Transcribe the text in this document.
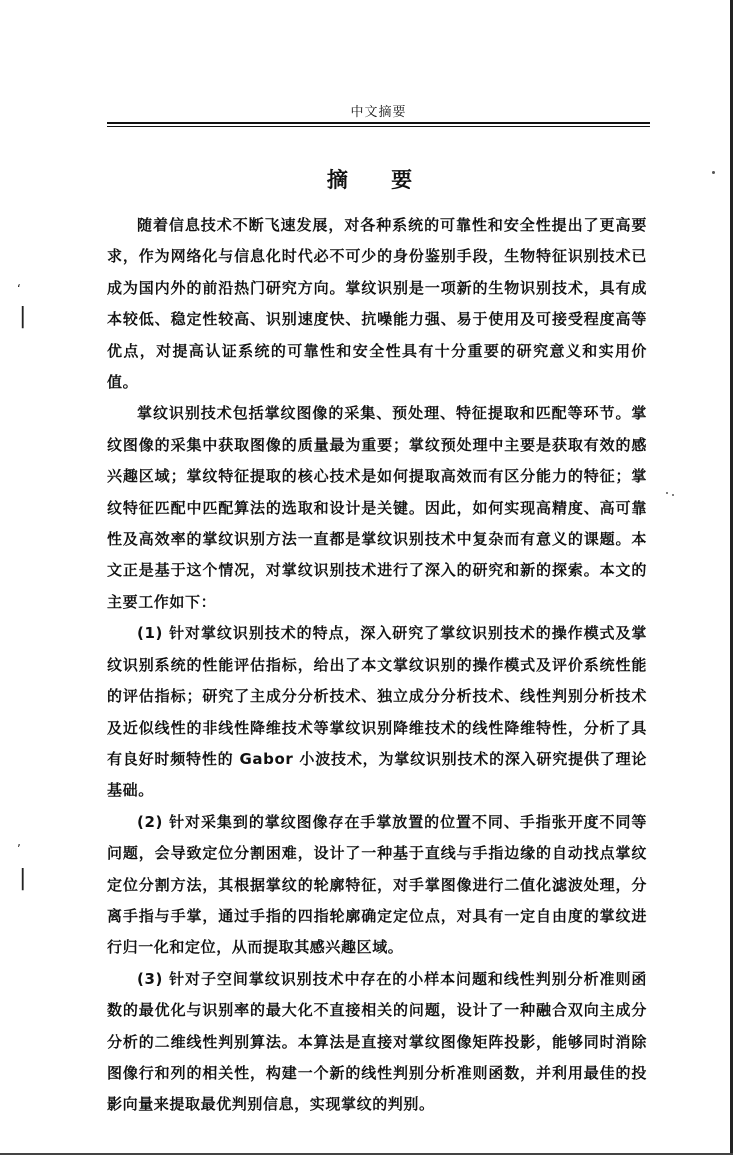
中文摘要
摘 要

随着信息技术不断飞速发展，对各种系统的可靠性和安全性提出了更高要求，作为网络化与信息化时代必不可少的身份鉴别手段，生物特征识别技术已成为国内外的前沿热门研究方向。掌纹识别是一项新的生物识别技术，具有成本较低、稳定性较高、识别速度快、抗噪能力强、易于使用及可接受程度高等优点，对提高认证系统的可靠性和安全性具有十分重要的研究意义和实用价值。

掌纹识别技术包括掌纹图像的采集、预处理、特征提取和匹配等环节。掌纹图像的采集中获取图像的质量最为重要；掌纹预处理中主要是获取有效的感兴趣区域；掌纹特征提取的核心技术是如何提取高效而有区分能力的特征；掌纹特征匹配中匹配算法的选取和设计是关键。因此，如何实现高精度、高可靠性及高效率的掌纹识别方法一直都是掌纹识别技术中复杂而有意义的课题。本文正是基于这个情况，对掌纹识别技术进行了深入的研究和新的探索。本文的主要工作如下：

(1) 针对掌纹识别技术的特点，深入研究了掌纹识别技术的操作模式及掌纹识别系统的性能评估指标，给出了本文掌纹识别的操作模式及评价系统性能的评估指标；研究了主成分分析技术、独立成分分析技术、线性判别分析技术及近似线性的非线性降维技术等掌纹识别降维技术的线性降维特性，分析了具有良好时频特性的 Gabor 小波技术，为掌纹识别技术的深入研究提供了理论基础。

(2) 针对采集到的掌纹图像存在手掌放置的位置不同、手指张开度不同等问题，会导致定位分割困难，设计了一种基于直线与手指边缘的自动找点掌纹定位分割方法，其根据掌纹的轮廓特征，对手掌图像进行二值化滤波处理，分离手指与手掌，通过手指的四指轮廓确定定位点，对具有一定自由度的掌纹进行归一化和定位，从而提取其感兴趣区域。

(3) 针对子空间掌纹识别技术中存在的小样本问题和线性判别分析准则函数的最优化与识别率的最大化不直接相关的问题，设计了一种融合双向主成分分析的二维线性判别算法。本算法是直接对掌纹图像矩阵投影，能够同时消除图像行和列的相关性，构建一个新的线性判别分析准则函数，并利用最佳的投影向量来提取最优判别信息，实现掌纹的判别。

ʻ
|
ʼ
|
